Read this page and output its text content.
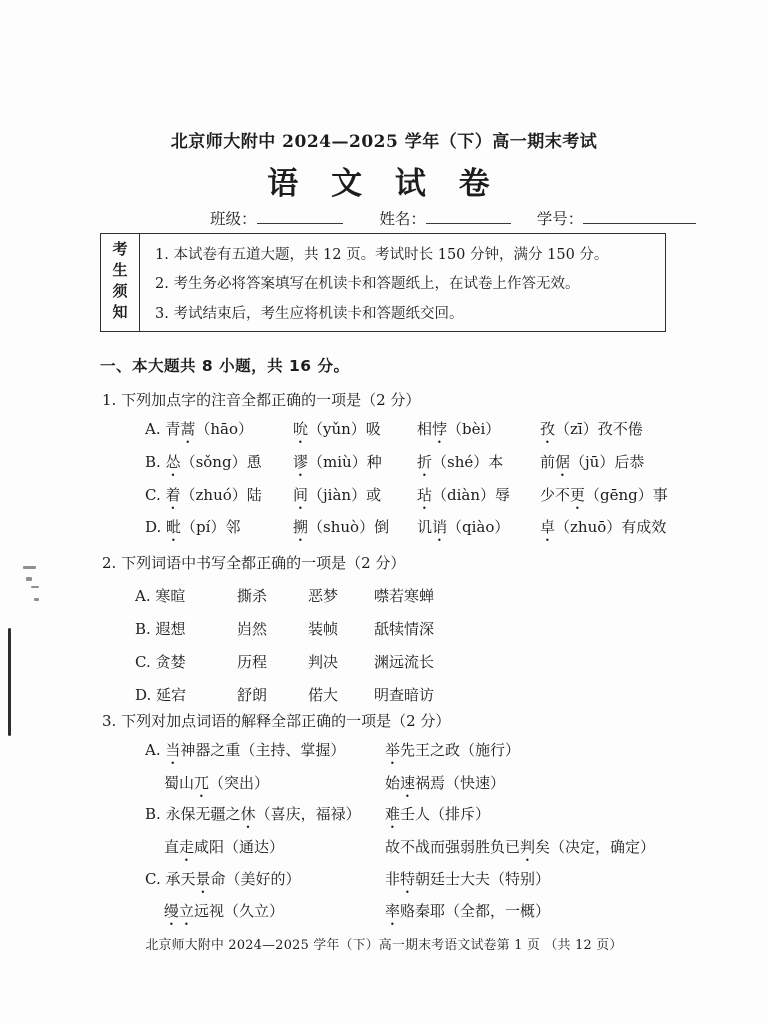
北京师大附中 2024—2025 学年（下）高一期末考试
语 文 试 卷
班级：	姓名：	学号：
考生须知 1. 本试卷有五道大题，共 12 页。考试时长 150 分钟，满分 150 分。
2. 考生务必将答案填写在机读卡和答题纸上，在试卷上作答无效。
3. 考试结束后，考生应将机读卡和答题纸交回。
一、本大题共 8 小题，共 16 分。
1. 下列加点字的注音全都正确的一项是（2 分）
A. 青蒿（hāo）	吮（yǔn）吸 相悖（bèi）	孜（zī）孜不倦
B. 怂（sǒng）恿 谬（miù）种 折（shé）本 前倨（jū）后恭
C. 着（zhuó）陆 间（jiàn）或 玷（diàn）辱 少不更（gēng）事
D. 毗（pí）邻	搠（shuò）倒 讥诮（qiào） 卓（zhuō）有成效
2. 下列词语中书写全都正确的一项是（2 分）
A. 寒暄	撕杀	恶梦 噤若寒蝉
B. 遐想	岿然	装帧 舐犊情深
C. 贪婪	历程	判决 渊远流长
D. 延宕	舒朗	偌大 明查暗访
3. 下列对加点词语的解释全部正确的一项是（2 分）
A. 当神器之重（主持、掌握）	举先王之政（施行）
蜀山兀（突出）	始速祸焉（快速）
B. 永保无疆之休（喜庆，福禄） 难壬人（排斥）
直走咸阳（通达）	故不战而强弱胜负已判矣（决定，确定）
C. 承天景命（美好的）	非特朝廷士大夫（特别）
缦立远视（久立）	率赂秦耶（全都，一概）
北京师大附中 2024—2025 学年（下）高一期末考语文试卷第 1 页 （共 12 页）
